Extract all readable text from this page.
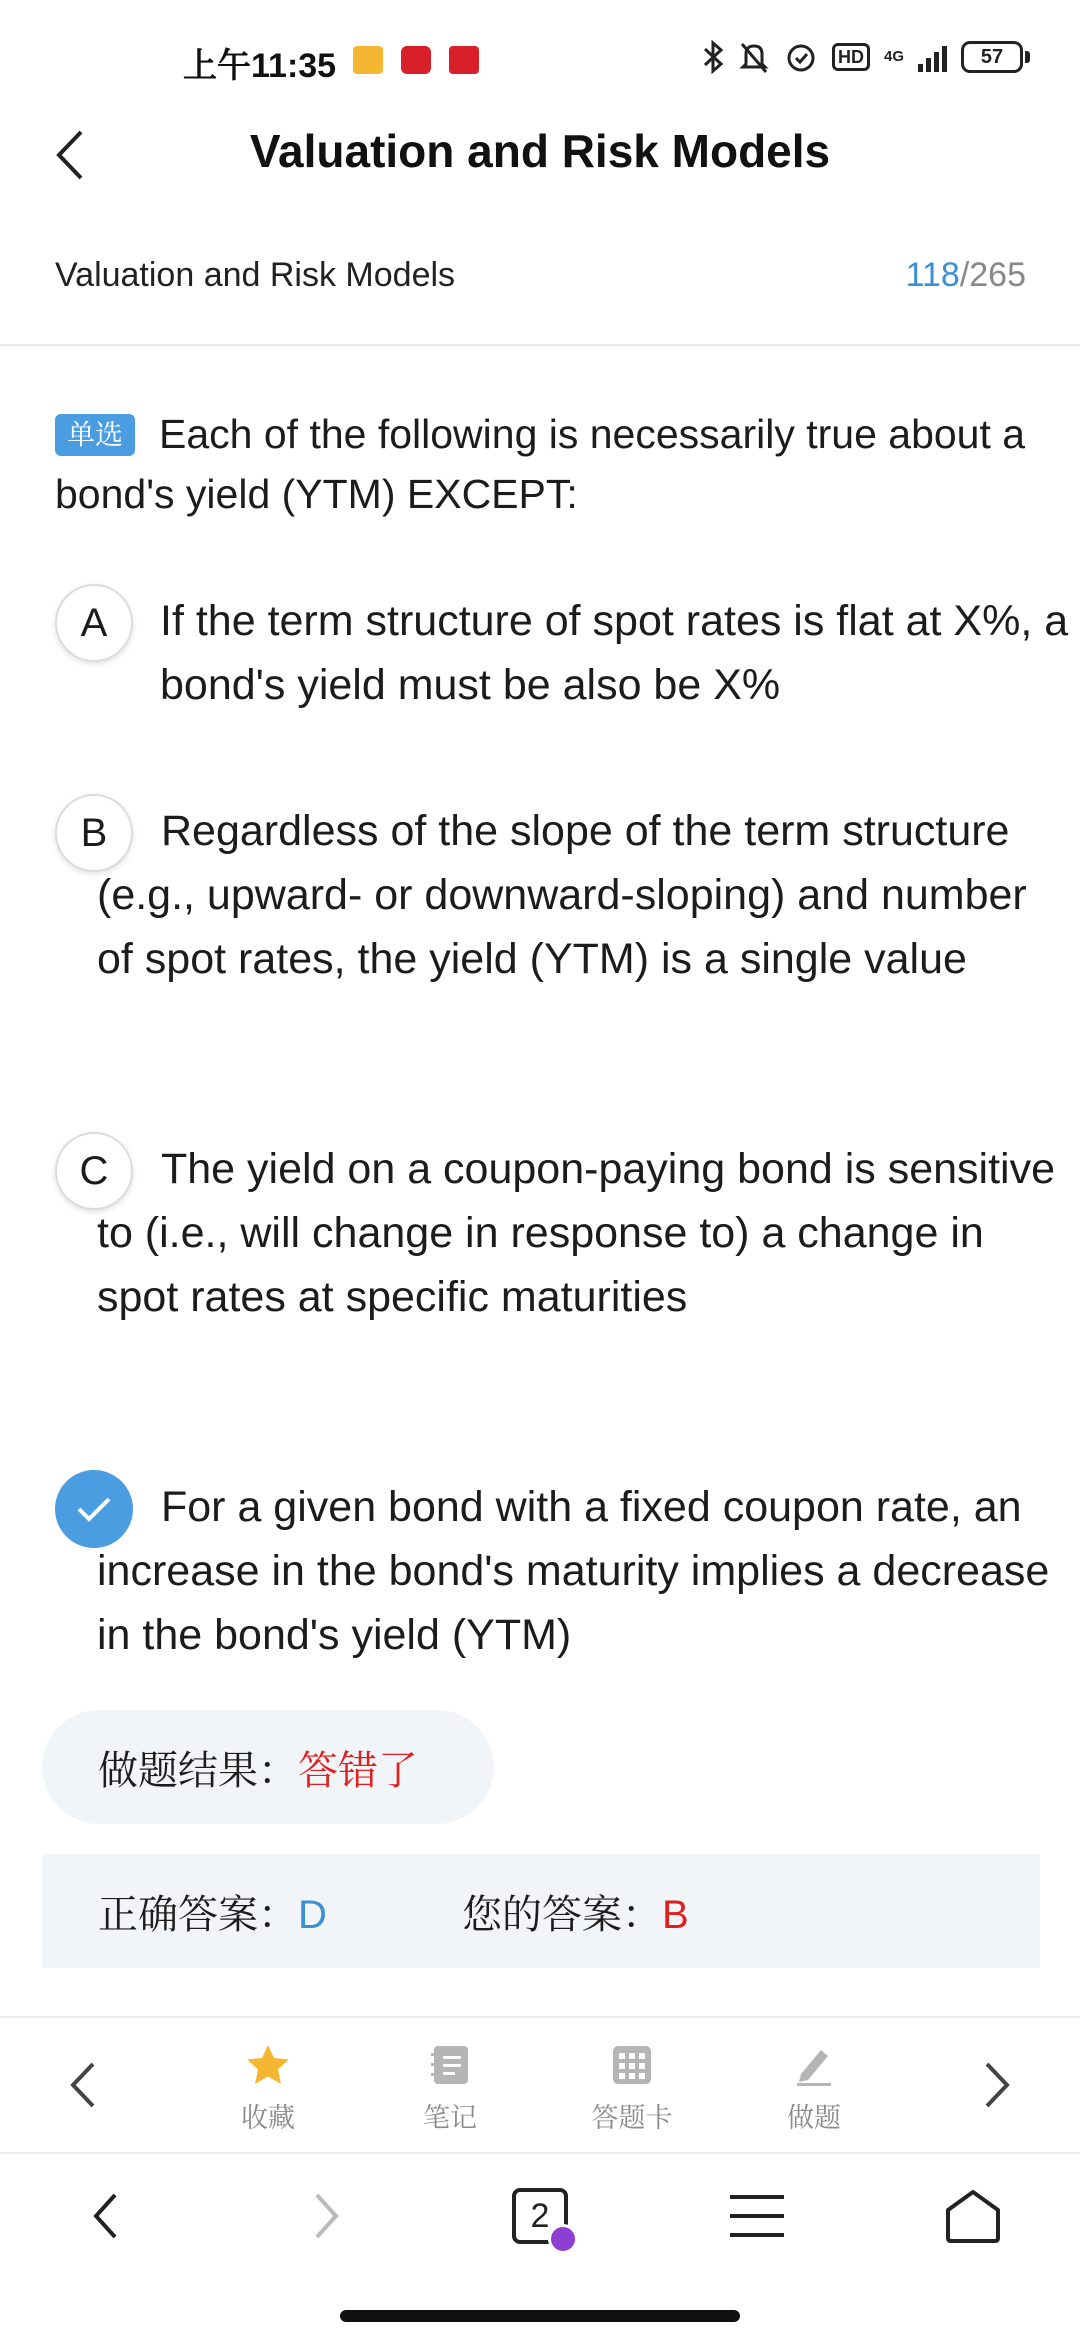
上午11:35	HD	4G	57
Valuation and Risk Models
Valuation and Risk Models	118/265
单选 Each of the following is necessarily true about a bond's yield (YTM) EXCEPT:
A	If the term structure of spot rates is flat at X%, a bond's yield must be also be X%
B	Regardless of the slope of the term structure (e.g., upward- or downward-sloping) and number of spot rates, the yield (YTM) is a single value
C	The yield on a coupon-paying bond is sensitive to (i.e., will change in response to) a change in spot rates at specific maturities
For a given bond with a fixed coupon rate, an increase in the bond's maturity implies a decrease in the bond's yield (YTM)
做题结果： 答错了
正确答案：D	您的答案：B
收藏	笔记	答题卡	做题
2
